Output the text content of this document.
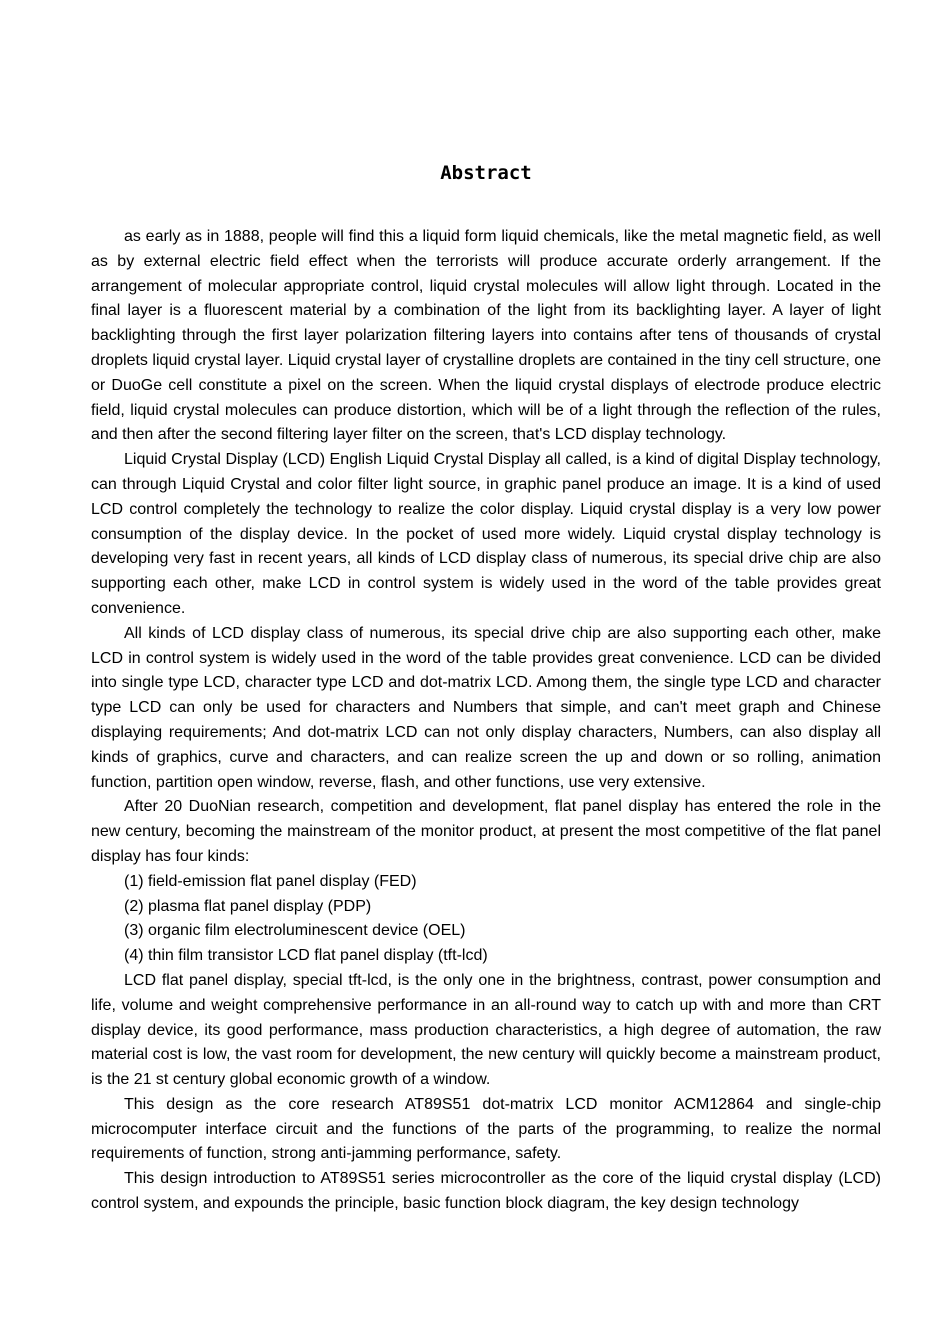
Abstract

as early as in 1888, people will find this a liquid form liquid chemicals, like the metal magnetic field, as well as by external electric field effect when the terrorists will produce accurate orderly arrangement. If the arrangement of molecular appropriate control, liquid crystal molecules will allow light through. Located in the final layer is a fluorescent material by a combination of the light from its backlighting layer. A layer of light backlighting through the first layer polarization filtering layers into contains after tens of thousands of crystal droplets liquid crystal layer. Liquid crystal layer of crystalline droplets are contained in the tiny cell structure, one or DuoGe cell constitute a pixel on the screen. When the liquid crystal displays of electrode produce electric field, liquid crystal molecules can produce distortion, which will be of a light through the reflection of the rules, and then after the second filtering layer filter on the screen, that's LCD display technology.

Liquid Crystal Display (LCD) English Liquid Crystal Display all called, is a kind of digital Display technology, can through Liquid Crystal and color filter light source, in graphic panel produce an image. It is a kind of used LCD control completely the technology to realize the color display. Liquid crystal display is a very low power consumption of the display device. In the pocket of used more widely. Liquid crystal display technology is developing very fast in recent years, all kinds of LCD display class of numerous, its special drive chip are also supporting each other, make LCD in control system is widely used in the word of the table provides great convenience.

All kinds of LCD display class of numerous, its special drive chip are also supporting each other, make LCD in control system is widely used in the word of the table provides great convenience. LCD can be divided into single type LCD, character type LCD and dot-matrix LCD. Among them, the single type LCD and character type LCD can only be used for characters and Numbers that simple, and can't meet graph and Chinese displaying requirements; And dot-matrix LCD can not only display characters, Numbers, can also display all kinds of graphics, curve and characters, and can realize screen the up and down or so rolling, animation function, partition open window, reverse, flash, and other functions, use very extensive.

After 20 DuoNian research, competition and development, flat panel display has entered the role in the new century, becoming the mainstream of the monitor product, at present the most competitive of the flat panel display has four kinds:

(1) field-emission flat panel display (FED)

(2) plasma flat panel display (PDP)

(3) organic film electroluminescent device (OEL)

(4) thin film transistor LCD flat panel display (tft-lcd)

LCD flat panel display, special tft-lcd, is the only one in the brightness, contrast, power consumption and life, volume and weight comprehensive performance in an all-round way to catch up with and more than CRT display device, its good performance, mass production characteristics, a high degree of automation, the raw material cost is low, the vast room for development, the new century will quickly become a mainstream product, is the 21 st century global economic growth of a window.

This design as the core research AT89S51 dot-matrix LCD monitor ACM12864 and single-chip microcomputer interface circuit and the functions of the parts of the programming, to realize the normal requirements of function, strong anti-jamming performance, safety.

This design introduction to AT89S51 series microcontroller as the core of the liquid crystal display (LCD) control system, and expounds the principle, basic function block diagram, the key design technology
